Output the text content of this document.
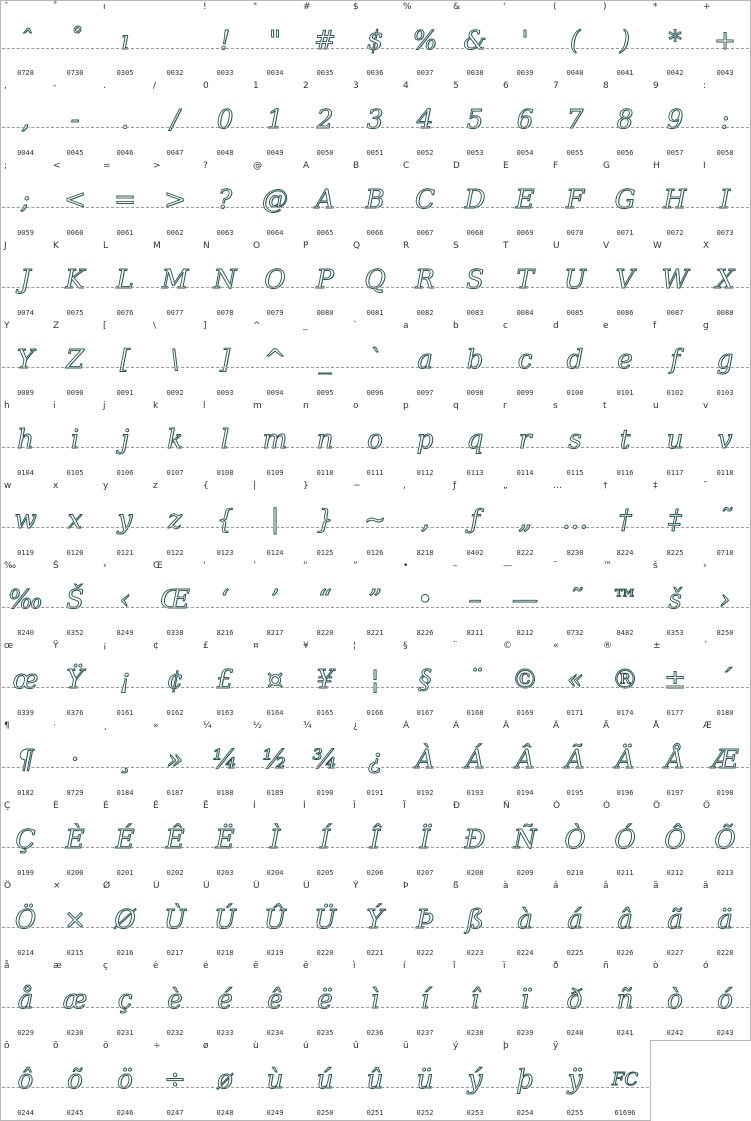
ˆ
ˆ
0728
˚
˚
0730
ı
ı
0305	0032
!
!
0033
"
"
0034
#
#
0035
$
$
0036
%
%
0037
&
&
0038
'
'
0039
(
(
0040
)
)
0041
*
*
0042
+
+
0043
,
,
0044
-
-
0045
.
.
0046
/
/
0047
0
0
0048
1
1
0049
2
2
0050
3
3
0051
4
4
0052
5
5
0053
6
6
0054
7
7
0055
8
8
0056
9
9
0057
:
:
0058
;
;
0059
<
<
0060
=
=
0061
>
>
0062
?
?
0063
@
@
0064
A
A
0065
B
B
0066
C
C
0067
D
D
0068
E
E
0069
F
F
0070
G
G
0071
H
H
0072
I
I
0073
J
J
0074
K
K
0075
L
L
0076
M
M
0077
N
N
0078
O
O
0079
P
P
0080
Q
Q
0081
R
R
0082
S
S
0083
T
T
0084
U
U
0085
V
V
0086
W
W
0087
X
X
0088
Y
Y
0089
Z
Z
0090
[
[
0091
\
\
0092
]
]
0093
^
^
0094
_
_
0095
`
`
0096
a
a
0097
b
b
0098
c
c
0099
d
d
0100
e
e
0101
f
f
0102
g
g
0103
h
h
0104
i
i
0105
j
j
0106
k
k
0107
l
l
0108
m
m
0109
n
n
0110
o
o
0111
p
p
0112
q
q
0113
r
r
0114
s
s
0115
t
t
0116
u
u
0117
v
v
0118
w
w
0119
x
x
0120
y
y
0121
z
z
0122
{
{
0123
|
|
0124
}
}
0125
~
~
0126
‚
‚
8218
ƒ
ƒ
0402
„
„
8222
…
…
8230
†
†
8224
‡
‡
8225
˜
˜
0710
‰
‰
8240
Š
Š
0352
‹
‹
8249
Œ
Œ
0338
‘
‘
8216
’
’
8217
“
“
8220
”
”
8221
•
•
8226
–
–
8211
—
—
8212
˜
˜
0732
™
™
8482
š
š
0353
›
›
8250
œ
œ
0339
Ÿ
Ÿ
0376
¡
¡
0161
¢
¢
0162
£
£
0163
¤
¤
0164
¥
¥
0165
¦
¦
0166
§
§
0167
¨
¨
0168
©
©
0169
«
«
0171
®
®
0174
±
±
0177
´
´
0180
¶
¶
0182
·
·
8729
¸
¸
0184
»
»
0187
¼
¼
0188
½
½
0189
¾
¾
0190
¿
¿
0191
À
À
0192
Á
Á
0193
Â
Â
0194
Ã
Ã
0195
Ä
Ä
0196
Å
Å
0197
Æ
Æ
0198
Ç
Ç
0199
È
È
0200
É
É
0201
Ê
Ê
0202
Ë
Ë
0203
Ì
Ì
0204
Í
Í
0205
Î
Î
0206
Ï
Ï
0207
Ð
Ð
0208
Ñ
Ñ
0209
Ò
Ò
0210
Ó
Ó
0211
Ô
Ô
0212
Õ
Õ
0213
Ö
Ö
0214
×
×
0215
Ø
Ø
0216
Ù
Ù
0217
Ú
Ú
0218
Û
Û
0219
Ü
Ü
0220
Ý
Ý
0221
Þ
Þ
0222
ß
ß
0223
à
à
0224
á
á
0225
â
â
0226
ã
ã
0227
ä
ä
0228
å
å
0229
æ
æ
0230
ç
ç
0231
è
è
0232
é
é
0233
ê
ê
0234
ë
ë
0235
ì
ì
0236
í
í
0237
î
î
0238
ï
ï
0239
ð
ð
0240
ñ
ñ
0241
ò
ò
0242
ó
ó
0243
ô
ô
0244
õ
õ
0245
ö
ö
0246
÷
÷
0247
ø
ø
0248
ù
ù
0249
ú
ú
0250
û
û
0251
ü
ü
0252
ý
ý
0253
þ
þ
0254
ÿ
ÿ
0255
FC
61696
